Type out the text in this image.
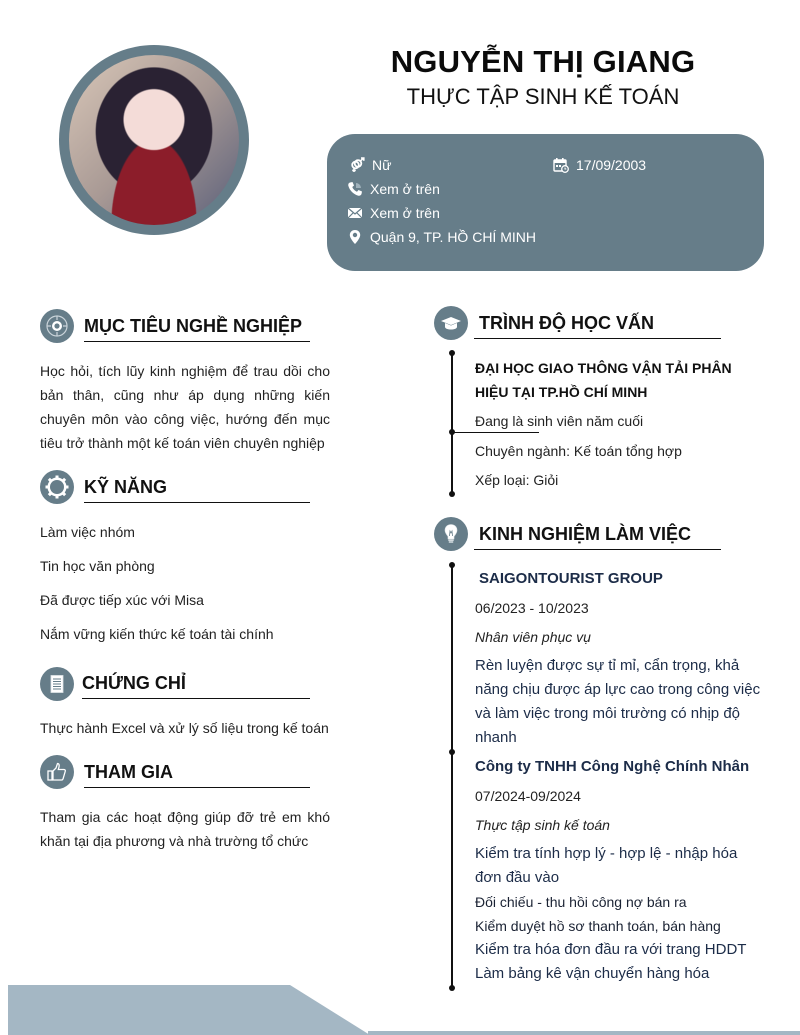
NGUYỄN THỊ GIANG
THỰC TẬP SINH KẾ TOÁN
Nữ	17/09/2003
Xem ở trên
Xem ở trên
Quận 9, TP. HỒ CHÍ MINH
MỤC TIÊU NGHỀ NGHIỆP
Học hỏi, tích lũy kinh nghiệm để trau dồi cho bản thân, cũng như áp dụng những kiến chuyên môn vào công việc, hướng đến mục tiêu trở thành một kế toán viên chuyên nghiệp
KỸ NĂNG
Làm việc nhóm
Tin học văn phòng
Đã được tiếp xúc với Misa
Nắm vững kiến thức kế toán tài chính
CHỨNG CHỈ
Thực hành Excel và xử lý số liệu trong kế toán
THAM GIA
Tham gia các hoạt động giúp đỡ trẻ em khó khăn tại địa phương và nhà trường tổ chức
TRÌNH ĐỘ HỌC VẤN
ĐẠI HỌC GIAO THÔNG VẬN TẢI PHÂN HIỆU TẠI TP.HỒ CHÍ MINH
Đang là sinh viên năm cuối
Chuyên ngành: Kế toán tổng hợp
Xếp loại: Giỏi
KINH NGHIỆM LÀM VIỆC
SAIGONTOURIST GROUP
06/2023 - 10/2023
Nhân viên phục vụ
Rèn luyện được sự tỉ mỉ, cẩn trọng, khả năng chịu được áp lực cao trong công việc và làm việc trong môi trường có nhịp độ nhanh
Công ty TNHH Công Nghệ Chính Nhân
07/2024-09/2024
Thực tập sinh kế toán
Kiểm tra tính hợp lý - hợp lệ - nhập hóa đơn đầu vào
Đối chiếu - thu hồi công nợ bán ra
Kiểm duyệt hồ sơ thanh toán, bán hàng
Kiểm tra hóa đơn đầu ra với trang HDDT
Làm bảng kê vận chuyển hàng hóa
